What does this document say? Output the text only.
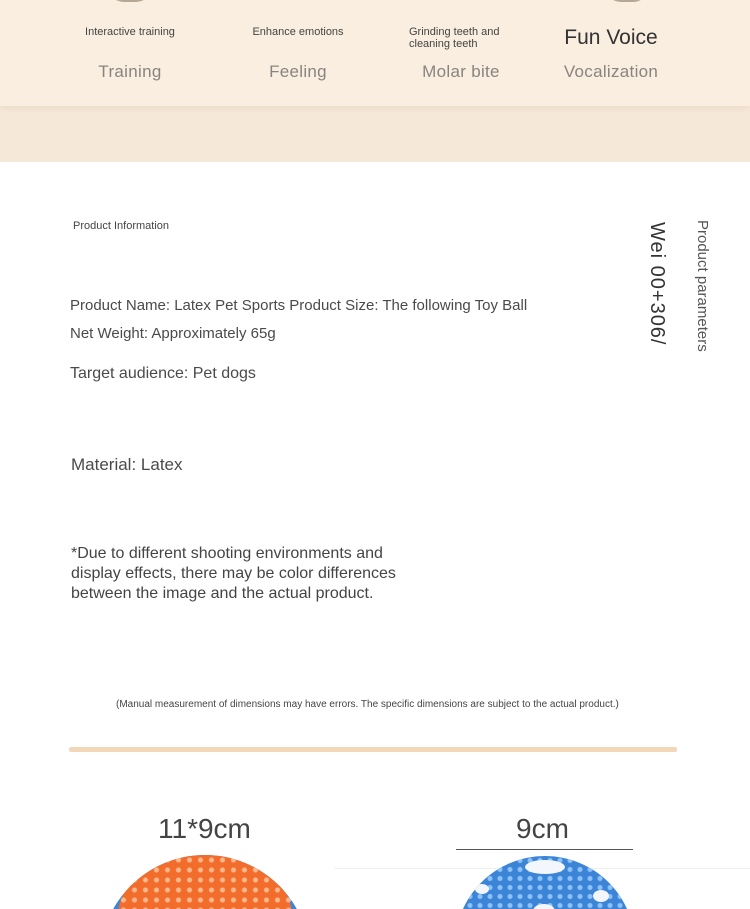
Interactive training
Training
Enhance emotions
Feeling
Grinding teeth and cleaning teeth
Molar bite
Fun Voice
Vocalization
Product Information
Product Name: Latex Pet Sports Product Size: The following Toy Ball
Net Weight: Approximately 65g
Target audience: Pet dogs
Material: Latex
Wei 00+306/ Product parameters
*Due to different shooting environments and display effects, there may be color differences between the image and the actual product.
(Manual measurement of dimensions may have errors. The specific dimensions are subject to the actual product.)
11*9cm	9cm
